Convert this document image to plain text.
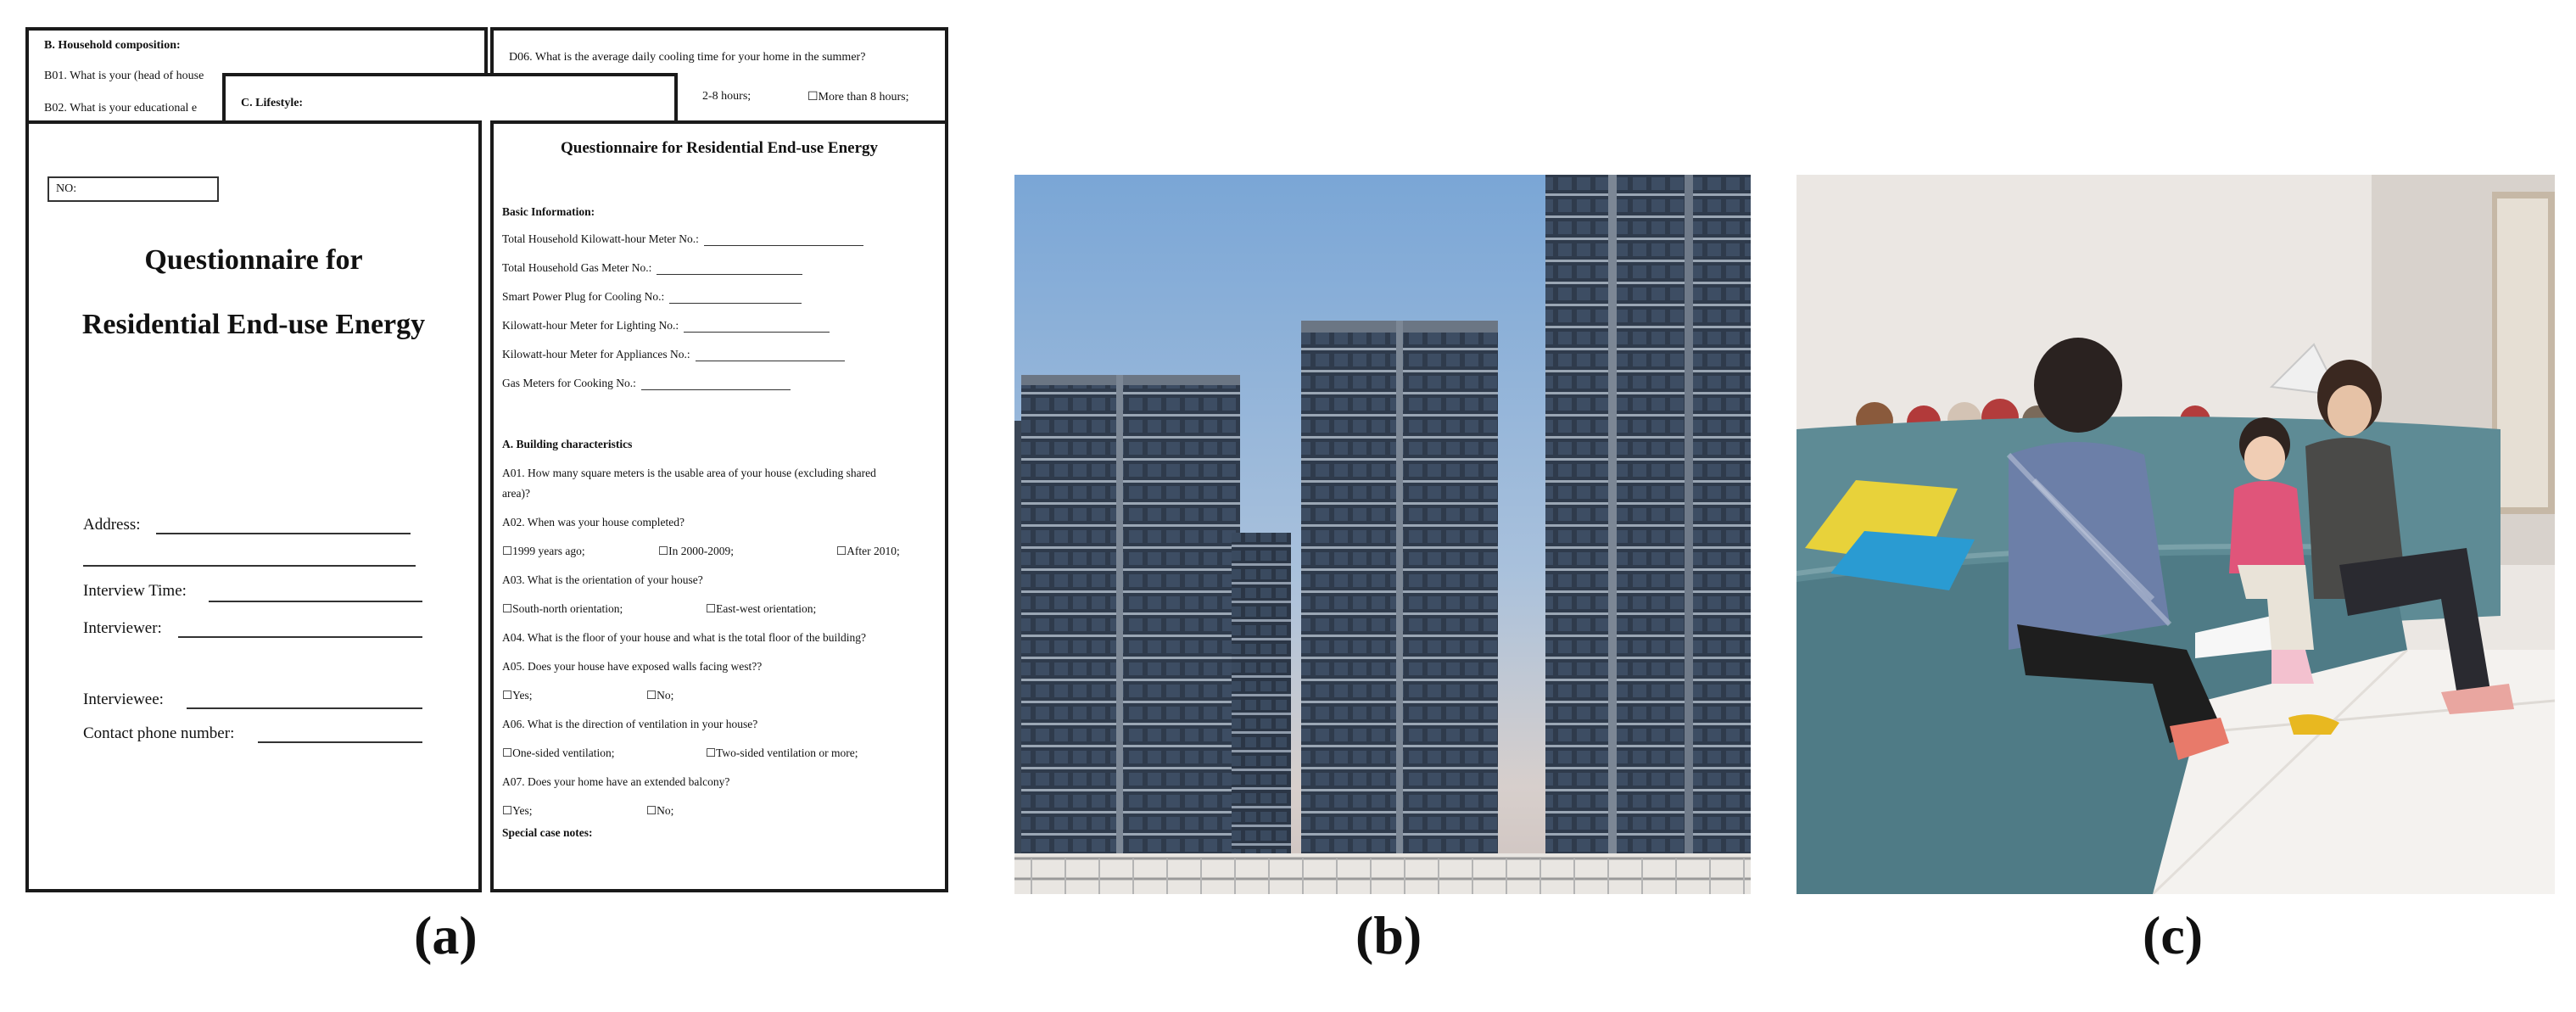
B. Household composition:
B01. What is your (head of house
B02. What is your educational e
D06. What is the average daily cooling time for your home in the summer?
2-8 hours;	☐More than 8 hours;
C. Lifestyle:
NO:
Questionnaire for
Residential End-use Energy
Address:
Interview Time:
Interviewer:
Interviewee:
Contact phone number:
Questionnaire for Residential End-use Energy
Basic Information:
Total Household Kilowatt-hour Meter No.:
Total Household Gas Meter No.:
Smart Power Plug for Cooling No.:
Kilowatt-hour Meter for Lighting No.:
Kilowatt-hour Meter for Appliances No.:
Gas Meters for Cooking No.:
A. Building characteristics
A01. How many square meters is the usable area of your house (excluding shared
area)?
A02. When was your house completed?
☐1999 years ago;	☐In 2000-2009;	☐After 2010;
A03. What is the orientation of your house?
☐South-north orientation;	☐East-west orientation;
A04. What is the floor of your house and what is the total floor of the building?
A05. Does your house have exposed walls facing west??
☐Yes;	☐No;
A06. What is the direction of ventilation in your house?
☐One-sided ventilation;	☐Two-sided ventilation or more;
A07. Does your home have an extended balcony?
☐Yes;	☐No;
Special case notes:
(a)	(b)	(c)
